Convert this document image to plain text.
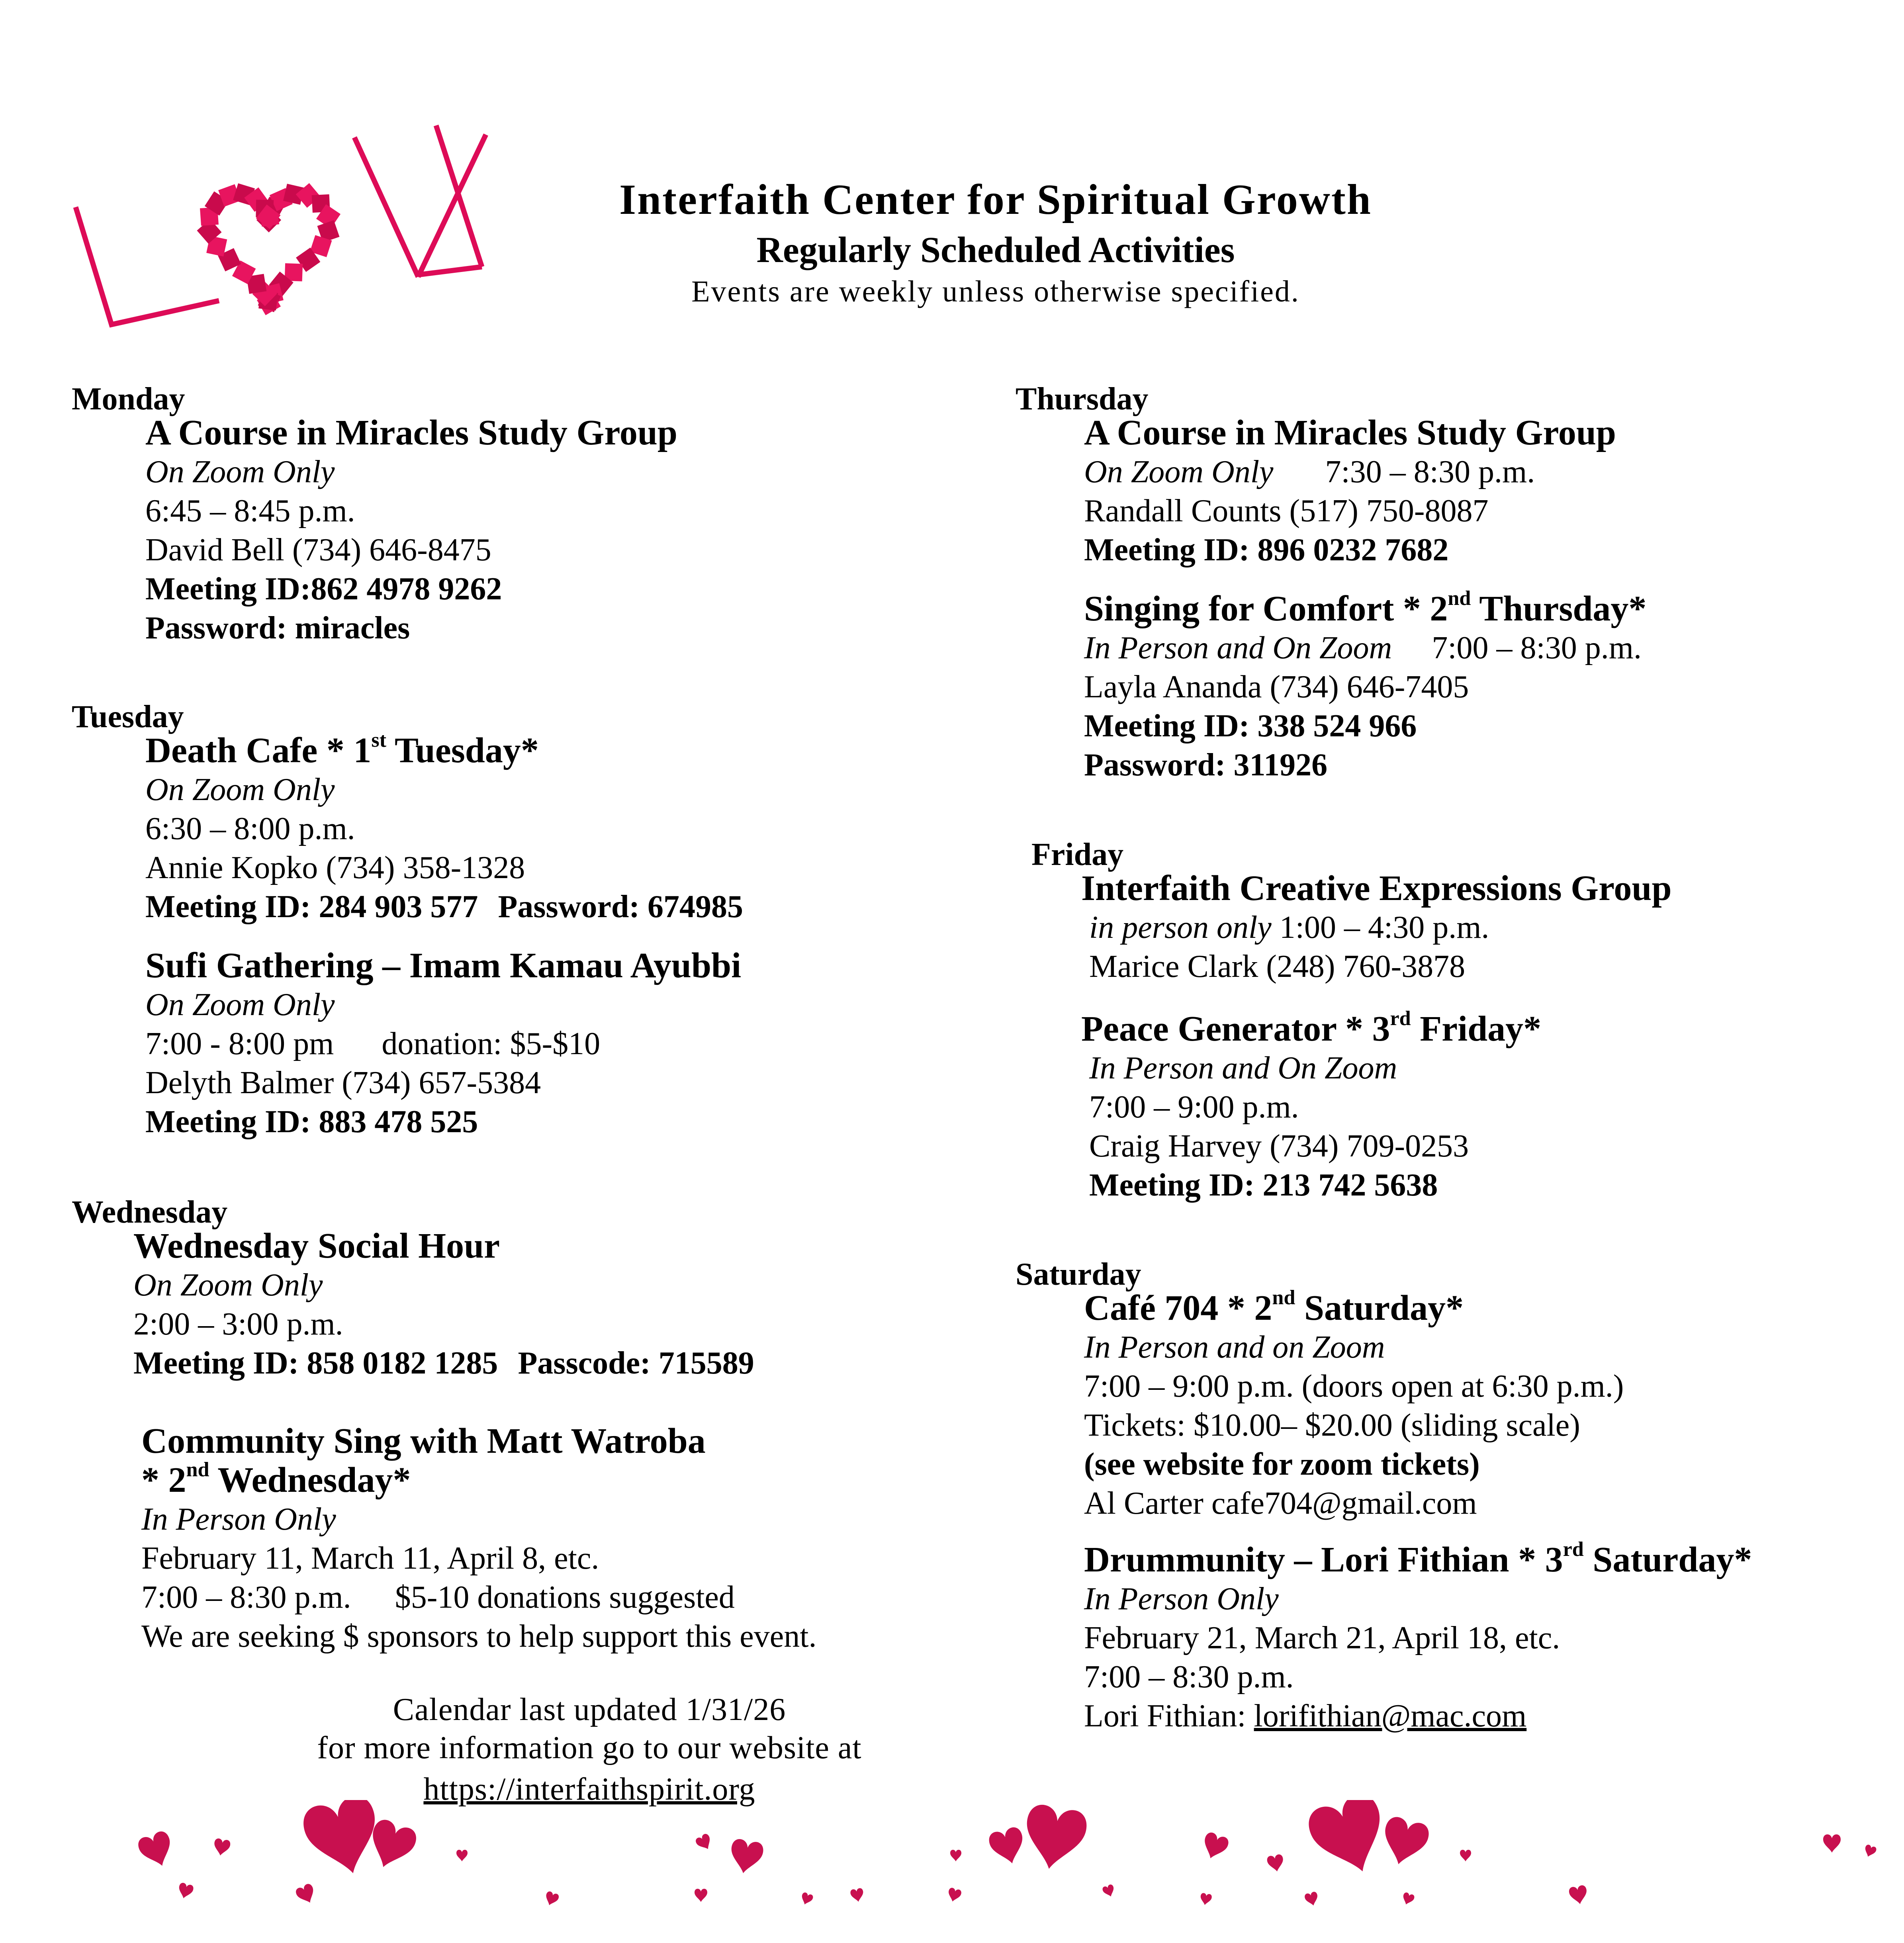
Interfaith Center for Spiritual Growth
Regularly Scheduled Activities
Events are weekly unless otherwise specified.
Monday
A Course in Miracles Study Group
On Zoom Only
6:45 – 8:45 p.m.
David Bell (734) 646-8475
Meeting ID:862 4978 9262
Password: miracles
Tuesday
Death Cafe * 1st Tuesday*
On Zoom Only
6:30 – 8:00 p.m.
Annie Kopko (734) 358-1328
Meeting ID: 284 903 577 Password: 674985
Sufi Gathering – Imam Kamau Ayubbi
On Zoom Only
7:00 - 8:00 pm donation: $5-$10
Delyth Balmer (734) 657-5384
Meeting ID: 883 478 525
Wednesday
Wednesday Social Hour
On Zoom Only
2:00 – 3:00 p.m.
Meeting ID: 858 0182 1285 Passcode: 715589
Community Sing with Matt Watroba
* 2nd Wednesday*
In Person Only
February 11, March 11, April 8, etc.
7:00 – 8:30 p.m. $5-10 donations suggested
We are seeking $ sponsors to help support this event.
Thursday
A Course in Miracles Study Group
On Zoom Only 7:30 – 8:30 p.m.
Randall Counts (517) 750-8087
Meeting ID: 896 0232 7682
Singing for Comfort * 2nd Thursday*
In Person and On Zoom 7:00 – 8:30 p.m.
Layla Ananda (734) 646-7405
Meeting ID: 338 524 966
Password: 311926
Friday
Interfaith Creative Expressions Group
in person only 1:00 – 4:30 p.m.
Marice Clark (248) 760-3878
Peace Generator * 3rd Friday*
In Person and On Zoom
7:00 – 9:00 p.m.
Craig Harvey (734) 709-0253
Meeting ID: 213 742 5638
Saturday
Café 704 * 2nd Saturday*
In Person and on Zoom
7:00 – 9:00 p.m. (doors open at 6:30 p.m.)
Tickets: $10.00– $20.00 (sliding scale)
(see website for zoom tickets)
Al Carter cafe704@gmail.com
Drummunity – Lori Fithian * 3rd Saturday*
In Person Only
February 21, March 21, April 18, etc.
7:00 – 8:30 p.m.
Lori Fithian: lorifithian@mac.com
Calendar last updated 1/31/26
for more information go to our website at
https://interfaithspirit.org
